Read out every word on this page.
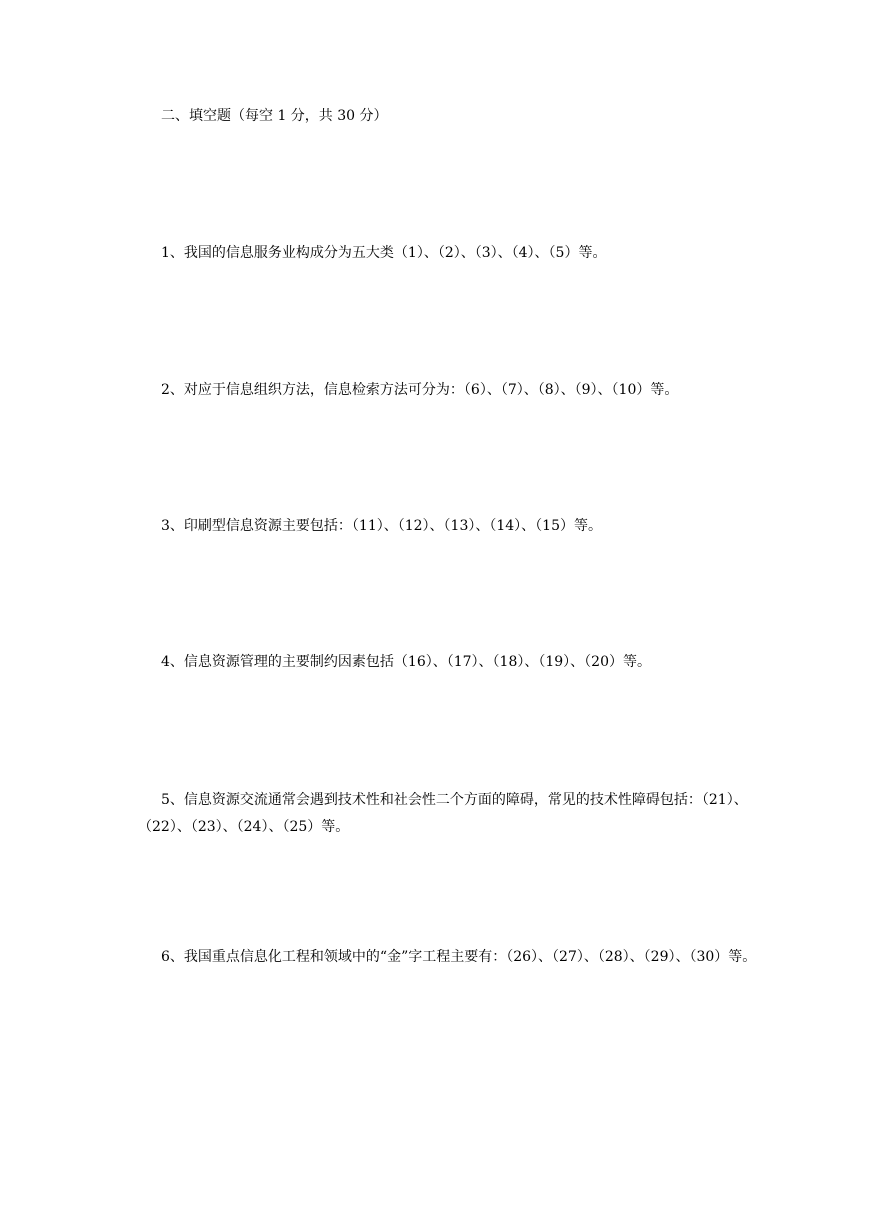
二、填空题（每空 1 分，共 30 分）
1、我国的信息服务业构成分为五大类（1）、（2）、（3）、（4）、（5）等。
2、对应于信息组织方法，信息检索方法可分为：（6）、（7）、（8）、（9）、（10）等。
3、印刷型信息资源主要包括：（11）、（12）、（13）、（14）、（15）等。
4、信息资源管理的主要制约因素包括（16）、（17）、（18）、（19）、（20）等。
5、信息资源交流通常会遇到技术性和社会性二个方面的障碍，常见的技术性障碍包括：（21）、（22）、（23）、（24）、（25）等。
6、我国重点信息化工程和领域中的“金”字工程主要有：（26）、（27）、（28）、（29）、（30）等。
